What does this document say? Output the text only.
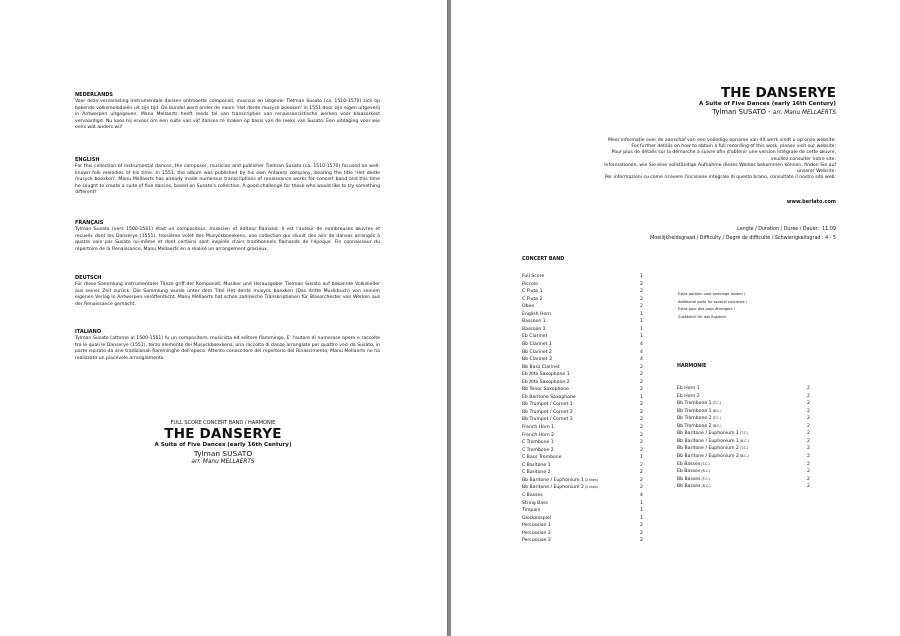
NEDERLANDS

Voor deze verzameling instrumentale dansen ontmoette componist, musicus en uitgever Tielman Susato (ca. 1510-1570) zich op bekende volksmelodieën uit zijn tijd. De bundel werd onder de naam 'Het derde musyck boexken' in 1551 door zijn eigen uitgeverij in Antwerpen uitgegeven. Manu Mellaerts heeft reeds tal van transcripties van renaissancistische werken voor blaasorkest vervaardigd. Nu koos hij ervoor om een suite van vijf dansen te maken op basis van de reeks van Susato. Een uitdaging voor wie eens wat anders wil!

ENGLISH

For this collection of instrumental dances, the composer, musician and publisher Tielman Susato (ca. 1510-1570) focused on well-known folk melodies of his time. In 1551, the album was published by his own Antwerp company, bearing the title 'Het derde musyck boexken'. Manu Mellaerts has already made numerous transcriptions of renaissance works for concert band and this time he sought to create a suite of five dances, based on Susato's collection. A good challenge for those who would like to try something different!

FRANÇAIS

Tylman Susato (vers 1500-1561) était un compositeur, musicien et éditeur flamand. Il est l'auteur de nombreuses œuvres et recueils dont les Danserye (1551), troisième volet des Musyckboexkens, une collection qui réunit des airs de danses arrangés à quatre voix par Susato lui-même et dont certains sont inspirés d'airs traditionnels flamands de l'époque. Fin connaisseur du répertoire de la Renaissance, Manu Mellaerts en a réalisé un arrangement gracieux.

DEUTSCH

Für diese Sammlung instrumentaler Tänze griff der Komponist, Musiker und Herausgeber Tielman Susato auf bekannte Volkslieder aus seiner Zeit zurück. Die Sammlung wurde unter dem Titel Het derde musyck boexken (Das dritte Musikbuch) von seinem eigenen Verlag in Antwerpen veröffentlicht. Manu Mellaerts hat schon zahlreiche Transkriptionen für Blasorchester von Werken aus der Renaissance gemacht.

ITALIANO

Tylman Susato (attorno al 1500-1561) fu un compositore, musicista ed editore fiammingo. E' l'autore di numerose opere e raccolte tra le quali le Danserye (1551), terzo elemento dei Musyckboexkens, una raccolta di danze arrangiate per quattro voci da Susato, in parte ispirate da arie tradizionali fiamminghe dell'epoca. Attento conoscitore del repertorio del Rinascimento, Manu Mellaerts ne ha realizzato un piacevole arrangiamento.

FULL SCORE CONCERT BAND / HARMONIE
THE DANSERYE
A Suite of Five Dances (early 16th Century)
Tylman SUSATO
arr. Manu MELLAERTS
THE DANSERYE
A Suite of Five Dances (early 16th Century)
Tylman SUSATO - arr. Manu MELLAERTS
Meer informatie over de aanschaf van een volledige opname van dit werk vindt u op onze website:
For further details on how to obtain a full recording of this work, please visit our website:
Pour plus de détails sur la démarche à suivre afin d'obtenir une version intégrale de cette œuvre,
veuillez consulter notre site:
Informationen, wie Sie eine vollständige Aufnahme dieses Werkes bekommen können, finden Sie auf
unserer Website:
Per informazioni su come ricevere l'incisione integrale di questo brano, consultate il nostro sito web:
www.beriato.com
Lengte / Duration / Durée / Dauer : 11:09
Moeilijkheidsgraad / Difficulty / Degré de difficulté / Schwierigkeitsgrad : 4 - 5
CONCERT BAND
Full Score	1
Piccolo	2
C Flute 1	2
C Flute 2	2
Oboe	2
English Horn	1
Bassoon 1	1
Bassoon 2	1
Eb Clarinet	1
Bb Clarinet 1	4
Bb Clarinet 2	4
Bb Clarinet 3	4
Bb Bass Clarinet	2
Eb Alto Saxophone 1	2
Eb Alto Saxophone 2	2
Bb Tenor Saxophone	2
Eb Baritone Saxophone	1
Bb Trumpet / Cornet 1	2
Bb Trumpet / Cornet 2	2
Bb Trumpet / Cornet 3	2
French Horn 1	2
French Horn 2	2
C Trombone 1	2
C Trombone 2	2
C Bass Trombone	1
C Baritone 1	2
C Baritone 2	2
Bb Baritone / Euphonium 1 (2 lines)	2
Bb Baritone / Euphonium 2 (2 lines)	2
C Basses	4
String Bass	1
Timpani	1
Glockenspiel	1
Percussion 1	2
Percussion 2	2
Percussion 3	2
HARMONIE
Eb Horn 1	2
Eb Horn 2	2
Bb Trombone 1 (T.C.)	2
Bb Trombone 1 (B.C.)	2
Bb Trombone 2 (T.C.)	2
Bb Trombone 2 (B.C.)	2
Bb Baritone / Euphonium 1 (T.C.)	2
Bb Baritone / Euphonium 1 (B.C.)	2
Bb Baritone / Euphonium 2 (T.C.)	2
Bb Baritone / Euphonium 2 (B.C.)	2
Eb Basses (T.C.)	2
Eb Basses (B.C.)	2
Bb Basses (T.C.)	2
Bb Basses (B.C.)	2
Extra partijen voor sommige landen /
Additional parts for several countries /
Extra pour des pays étrangers /
Zusätzlich für das Ausland:
